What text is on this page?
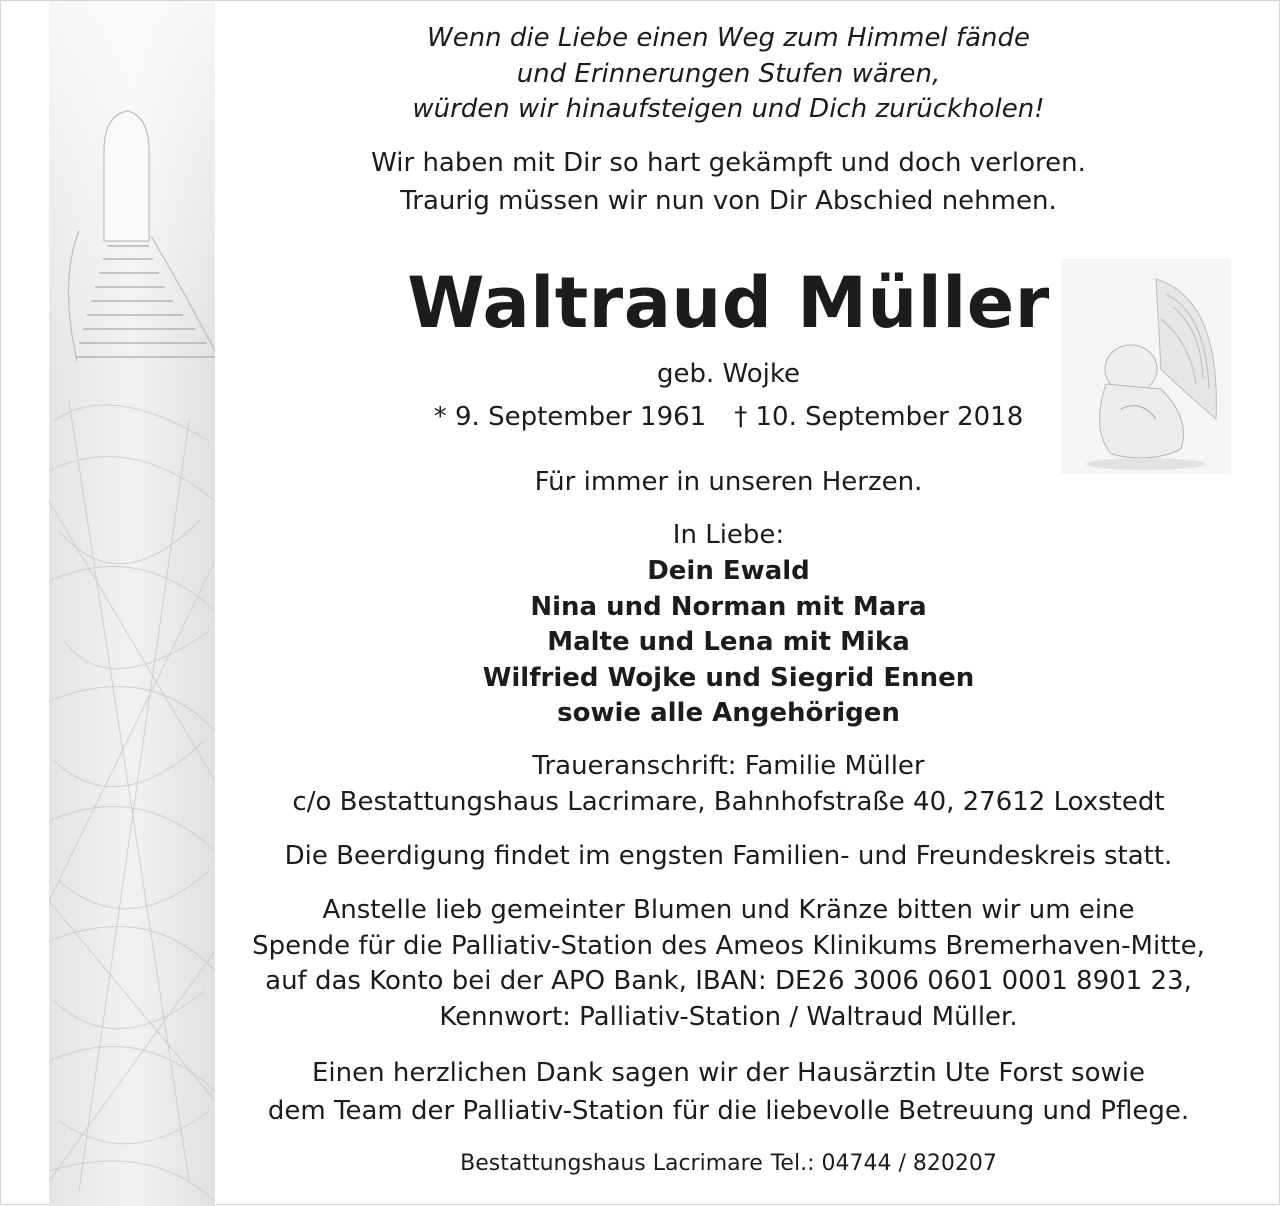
Wenn die Liebe einen Weg zum Himmel fände
und Erinnerungen Stufen wären,
würden wir hinaufsteigen und Dich zurückholen!
Wir haben mit Dir so hart gekämpft und doch verloren.
Traurig müssen wir nun von Dir Abschied nehmen.
Waltraud Müller
geb. Wojke
* 9. September 1961 † 10. September 2018
Für immer in unseren Herzen.
In Liebe:
Dein Ewald
Nina und Norman mit Mara
Malte und Lena mit Mika
Wilfried Wojke und Siegrid Ennen
sowie alle Angehörigen
Traueranschrift: Familie Müller
c/o Bestattungshaus Lacrimare, Bahnhofstraße 40, 27612 Loxstedt
Die Beerdigung findet im engsten Familien- und Freundeskreis statt.
Anstelle lieb gemeinter Blumen und Kränze bitten wir um eine
Spende für die Palliativ-Station des Ameos Klinikums Bremerhaven-Mitte,
auf das Konto bei der APO Bank, IBAN: DE26 3006 0601 0001 8901 23,
Kennwort: Palliativ-Station / Waltraud Müller.
Einen herzlichen Dank sagen wir der Hausärztin Ute Forst sowie
dem Team der Palliativ-Station für die liebevolle Betreuung und Pflege.
Bestattungshaus Lacrimare Tel.: 04744 / 820207
